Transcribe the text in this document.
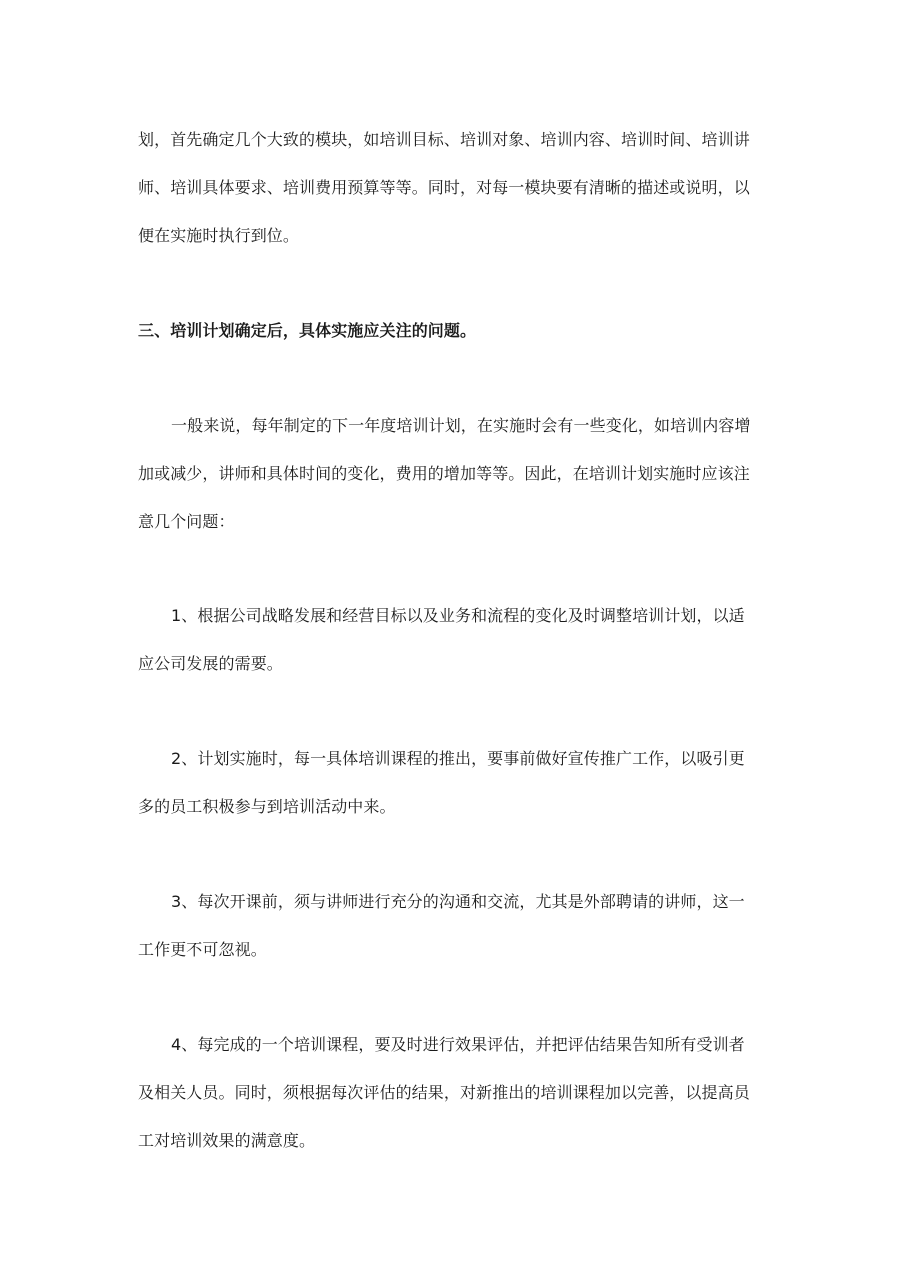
划，首先确定几个大致的模块，如培训目标、培训对象、培训内容、培训时间、培训讲
师、培训具体要求、培训费用预算等等。同时，对每一模块要有清晰的描述或说明，以
便在实施时执行到位。
三、培训计划确定后，具体实施应关注的问题。
一般来说，每年制定的下一年度培训计划，在实施时会有一些变化，如培训内容增
加或减少，讲师和具体时间的变化，费用的增加等等。因此，在培训计划实施时应该注
意几个问题：
1、根据公司战略发展和经营目标以及业务和流程的变化及时调整培训计划，以适
应公司发展的需要。
2、计划实施时，每一具体培训课程的推出，要事前做好宣传推广工作，以吸引更
多的员工积极参与到培训活动中来。
3、每次开课前，须与讲师进行充分的沟通和交流，尤其是外部聘请的讲师，这一
工作更不可忽视。
4、每完成的一个培训课程，要及时进行效果评估，并把评估结果告知所有受训者
及相关人员。同时，须根据每次评估的结果，对新推出的培训课程加以完善，以提高员
工对培训效果的满意度。
